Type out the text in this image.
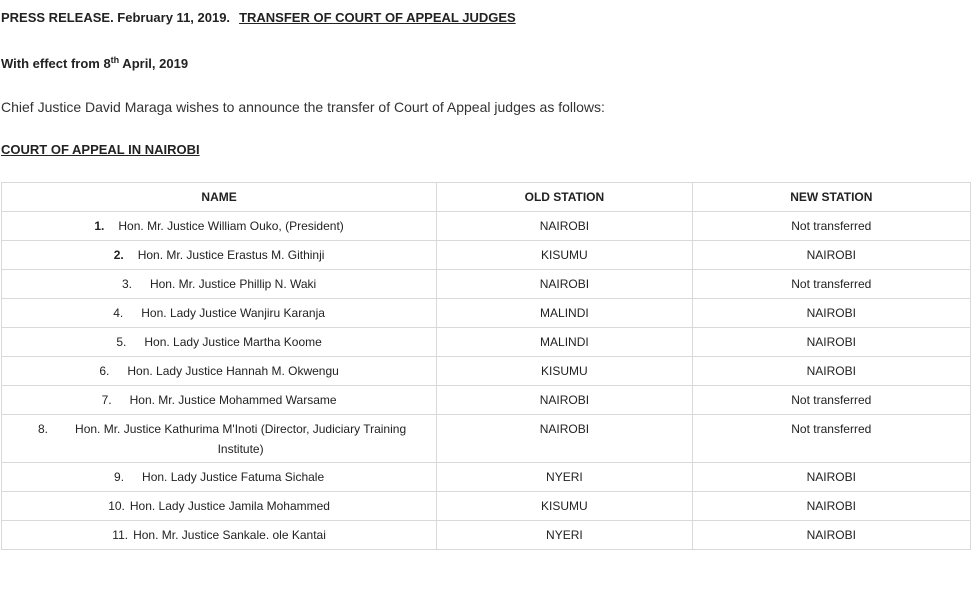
PRESS RELEASE. February 11, 2019. TRANSFER OF COURT OF APPEAL JUDGES
With effect from 8th April, 2019
Chief Justice David Maraga wishes to announce the transfer of Court of Appeal judges as follows:
COURT OF APPEAL IN NAIROBI
NAME	OLD STATION	NEW STATION
1. Hon. Mr. Justice William Ouko, (President)	NAIROBI	Not transferred
2. Hon. Mr. Justice Erastus M. Githinji	KISUMU	NAIROBI
3. Hon. Mr. Justice Phillip N. Waki	NAIROBI	Not transferred
4. Hon. Lady Justice Wanjiru Karanja	MALINDI	NAIROBI
5. Hon. Lady Justice Martha Koome	MALINDI	NAIROBI
6. Hon. Lady Justice Hannah M. Okwengu	KISUMU	NAIROBI
7. Hon. Mr. Justice Mohammed Warsame	NAIROBI	Not transferred

8. Hon. Mr. Justice Kathurima M'Inoti (Director, Judiciary Training Institute)	NAIROBI	Not transferred
9. Hon. Lady Justice Fatuma Sichale	NYERI	NAIROBI
10. Hon. Lady Justice Jamila Mohammed	KISUMU	NAIROBI
11. Hon. Mr. Justice Sankale. ole Kantai	NYERI	NAIROBI
